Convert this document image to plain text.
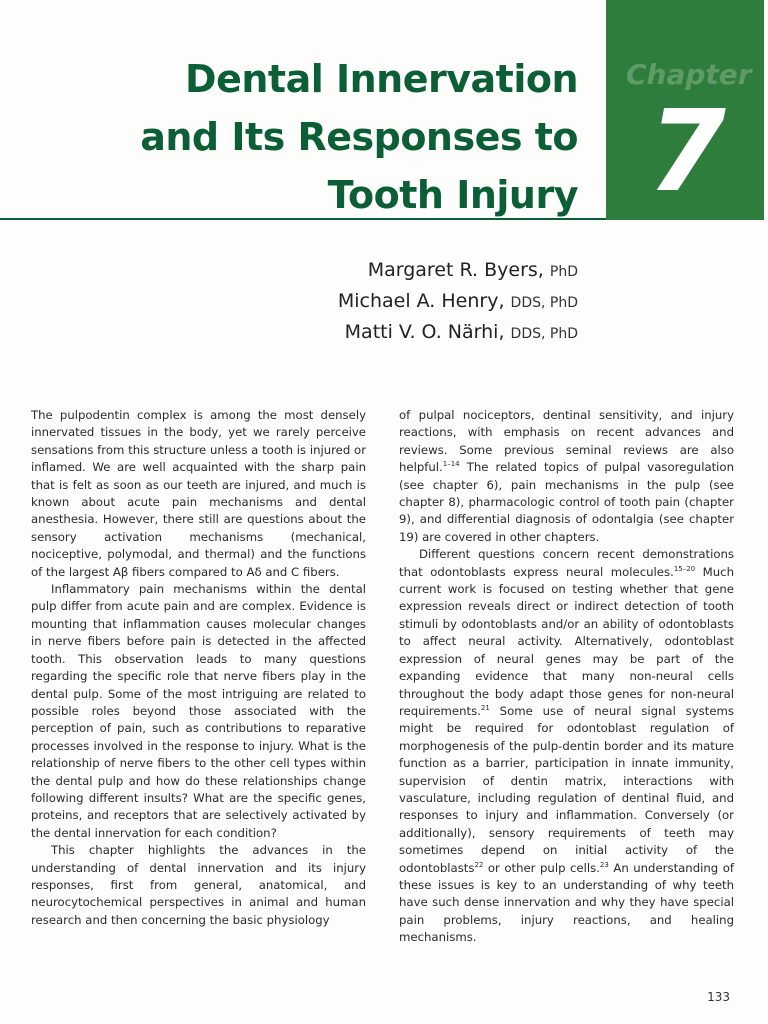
Dental Innervation
and Its Responses to
Tooth Injury
Chapter
7
Margaret R. Byers, PhD
Michael A. Henry, DDS, PhD
Matti V. O. Närhi, DDS, PhD

The pulpodentin complex is among the most densely innervated tissues in the body, yet we rarely perceive sensations from this structure unless a tooth is injured or inflamed. We are well acquainted with the sharp pain that is felt as soon as our teeth are injured, and much is known about acute pain mechanisms and dental anesthesia. However, there still are questions about the sensory activation mechanisms (mechanical, nociceptive, polymodal, and thermal) and the functions of the largest Aβ fibers compared to Aδ and C fibers.

Inflammatory pain mechanisms within the dental pulp differ from acute pain and are complex. Evidence is mounting that inflammation causes molecular changes in nerve fibers before pain is detected in the affected tooth. This observation leads to many questions regarding the specific role that nerve fibers play in the dental pulp. Some of the most intriguing are related to possible roles beyond those associated with the perception of pain, such as contributions to reparative processes involved in the response to injury. What is the relationship of nerve fibers to the other cell types within the dental pulp and how do these relationships change following different insults? What are the specific genes, proteins, and receptors that are selectively activated by the dental innervation for each condition?

This chapter highlights the advances in the understanding of dental innervation and its injury responses, first from general, anatomical, and neurocytochemical perspectives in animal and human research and then concerning the basic physiology

of pulpal nociceptors, dentinal sensitivity, and injury reactions, with emphasis on recent advances and reviews. Some previous seminal reviews are also helpful.$^{1-14}$ The related topics of pulpal vasoregulation (see chapter 6), pain mechanisms in the pulp (see chapter 8), pharmacologic control of tooth pain (chapter 9), and differential diagnosis of odontalgia (see chapter 19) are covered in other chapters.

Different questions concern recent demonstrations that odontoblasts express neural molecules.$^{15-20}$ Much current work is focused on testing whether that gene expression reveals direct or indirect detection of tooth stimuli by odontoblasts and/or an ability of odontoblasts to affect neural activity. Alternatively, odontoblast expression of neural genes may be part of the expanding evidence that many non-neural cells throughout the body adapt those genes for non-neural requirements.$^{21}$ Some use of neural signal systems might be required for odontoblast regulation of morphogenesis of the pulp-dentin border and its mature function as a barrier, participation in innate immunity, supervision of dentin matrix, interactions with vasculature, including regulation of dentinal fluid, and responses to injury and inflammation. Conversely (or additionally), sensory requirements of teeth may sometimes depend on initial activity of the odontoblasts$^{22}$ or other pulp cells.$^{23}$ An understanding of these issues is key to an understanding of why teeth have such dense innervation and why they have special pain problems, injury reactions, and healing mechanisms.

133
